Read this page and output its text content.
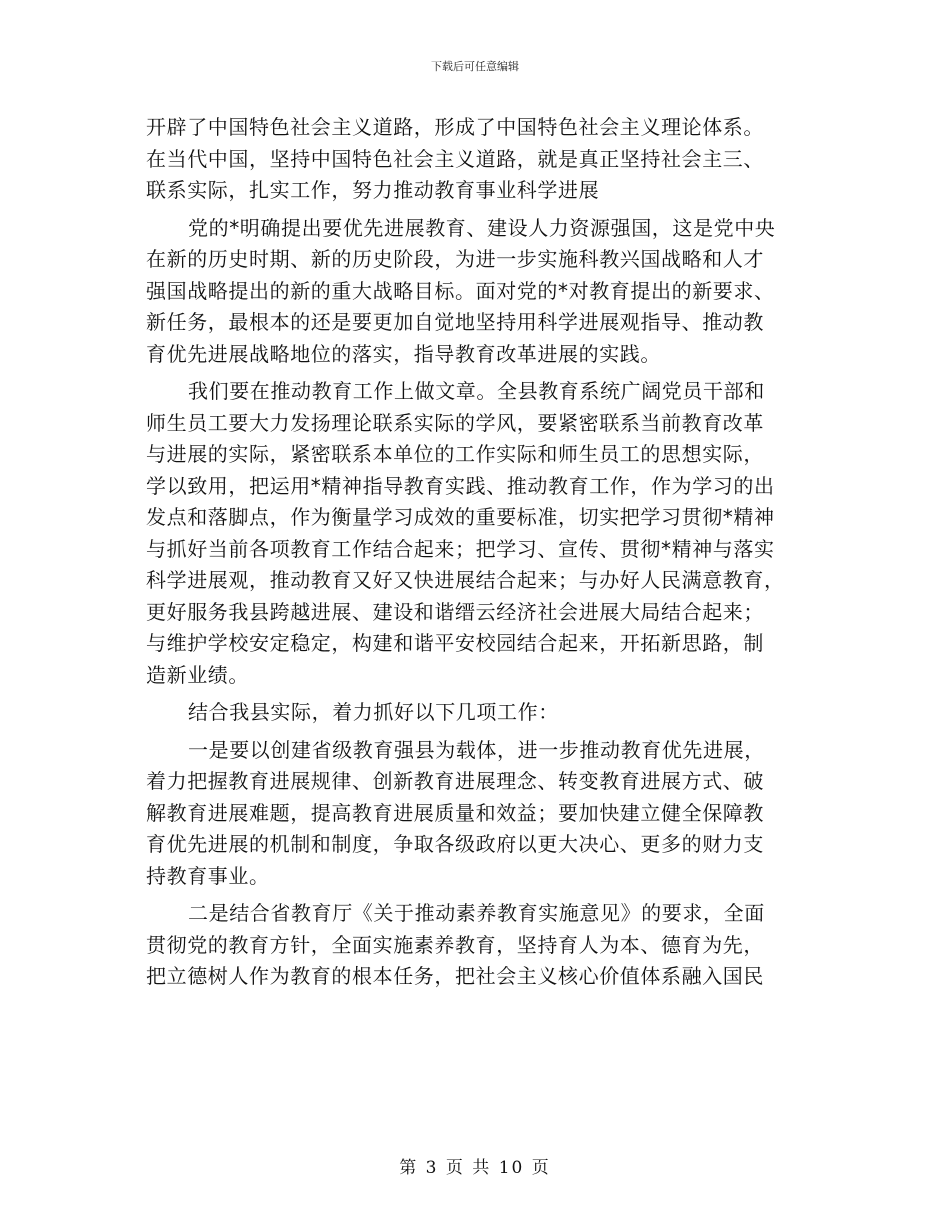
下载后可任意编辑
开辟了中国特色社会主义道路，形成了中国特色社会主义理论体系。
在当代中国，坚持中国特色社会主义道路，就是真正坚持社会主三、
联系实际，扎实工作，努力推动教育事业科学进展
党的*明确提出要优先进展教育、建设人力资源强国，这是党中央
在新的历史时期、新的历史阶段，为进一步实施科教兴国战略和人才
强国战略提出的新的重大战略目标。面对党的*对教育提出的新要求、
新任务，最根本的还是要更加自觉地坚持用科学进展观指导、推动教
育优先进展战略地位的落实，指导教育改革进展的实践。
我们要在推动教育工作上做文章。全县教育系统广阔党员干部和
师生员工要大力发扬理论联系实际的学风，要紧密联系当前教育改革
与进展的实际，紧密联系本单位的工作实际和师生员工的思想实际，
学以致用，把运用*精神指导教育实践、推动教育工作，作为学习的出
发点和落脚点，作为衡量学习成效的重要标准，切实把学习贯彻*精神
与抓好当前各项教育工作结合起来；把学习、宣传、贯彻*精神与落实
科学进展观，推动教育又好又快进展结合起来；与办好人民满意教育，
更好服务我县跨越进展、建设和谐缙云经济社会进展大局结合起来；
与维护学校安定稳定，构建和谐平安校园结合起来，开拓新思路，制
造新业绩。
结合我县实际，着力抓好以下几项工作：
一是要以创建省级教育强县为载体，进一步推动教育优先进展，
着力把握教育进展规律、创新教育进展理念、转变教育进展方式、破
解教育进展难题，提高教育进展质量和效益；要加快建立健全保障教
育优先进展的机制和制度，争取各级政府以更大决心、更多的财力支
持教育事业。
二是结合省教育厅《关于推动素养教育实施意见》的要求，全面
贯彻党的教育方针，全面实施素养教育，坚持育人为本、德育为先，
把立德树人作为教育的根本任务，把社会主义核心价值体系融入国民
第 3 页 共 10 页
